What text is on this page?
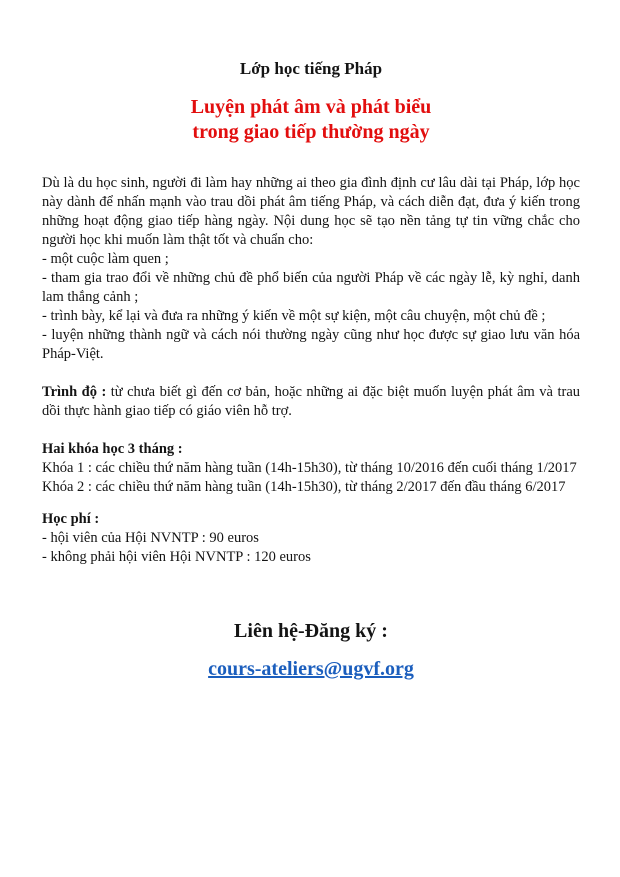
Lớp học tiếng Pháp
Luyện phát âm và phát biểu
trong giao tiếp thường ngày

Dù là du học sinh, người đi làm hay những ai theo gia đình định cư lâu dài tại Pháp, lớp học này dành để nhấn mạnh vào trau dồi phát âm tiếng Pháp, và cách diễn đạt, đưa ý kiến trong những hoạt động giao tiếp hàng ngày. Nội dung học sẽ tạo nền tảng tự tin vững chắc cho người học khi muốn làm thật tốt và chuẩn cho:

- một cuộc làm quen ;

- tham gia trao đổi về những chủ đề phổ biến của người Pháp về các ngày lễ, kỳ nghỉ, danh lam thắng cảnh ;

- trình bày, kể lại và đưa ra những ý kiến về một sự kiện, một câu chuyện, một chủ đề ;

- luyện những thành ngữ và cách nói thường ngày cũng như học được sự giao lưu văn hóa Pháp-Việt.

Trình độ : từ chưa biết gì đến cơ bản, hoặc những ai đặc biệt muốn luyện phát âm và trau dồi thực hành giao tiếp có giáo viên hỗ trợ.

Hai khóa học 3 tháng :

Khóa 1 : các chiều thứ năm hàng tuần (14h-15h30), từ tháng 10/2016 đến cuối tháng 1/2017

Khóa 2 : các chiều thứ năm hàng tuần (14h-15h30), từ tháng 2/2017 đến đầu tháng 6/2017

Học phí :

- hội viên của Hội NVNTP : 90 euros

- không phải hội viên Hội NVNTP : 120 euros

Liên hệ-Đăng ký :
cours-ateliers@ugvf.org
